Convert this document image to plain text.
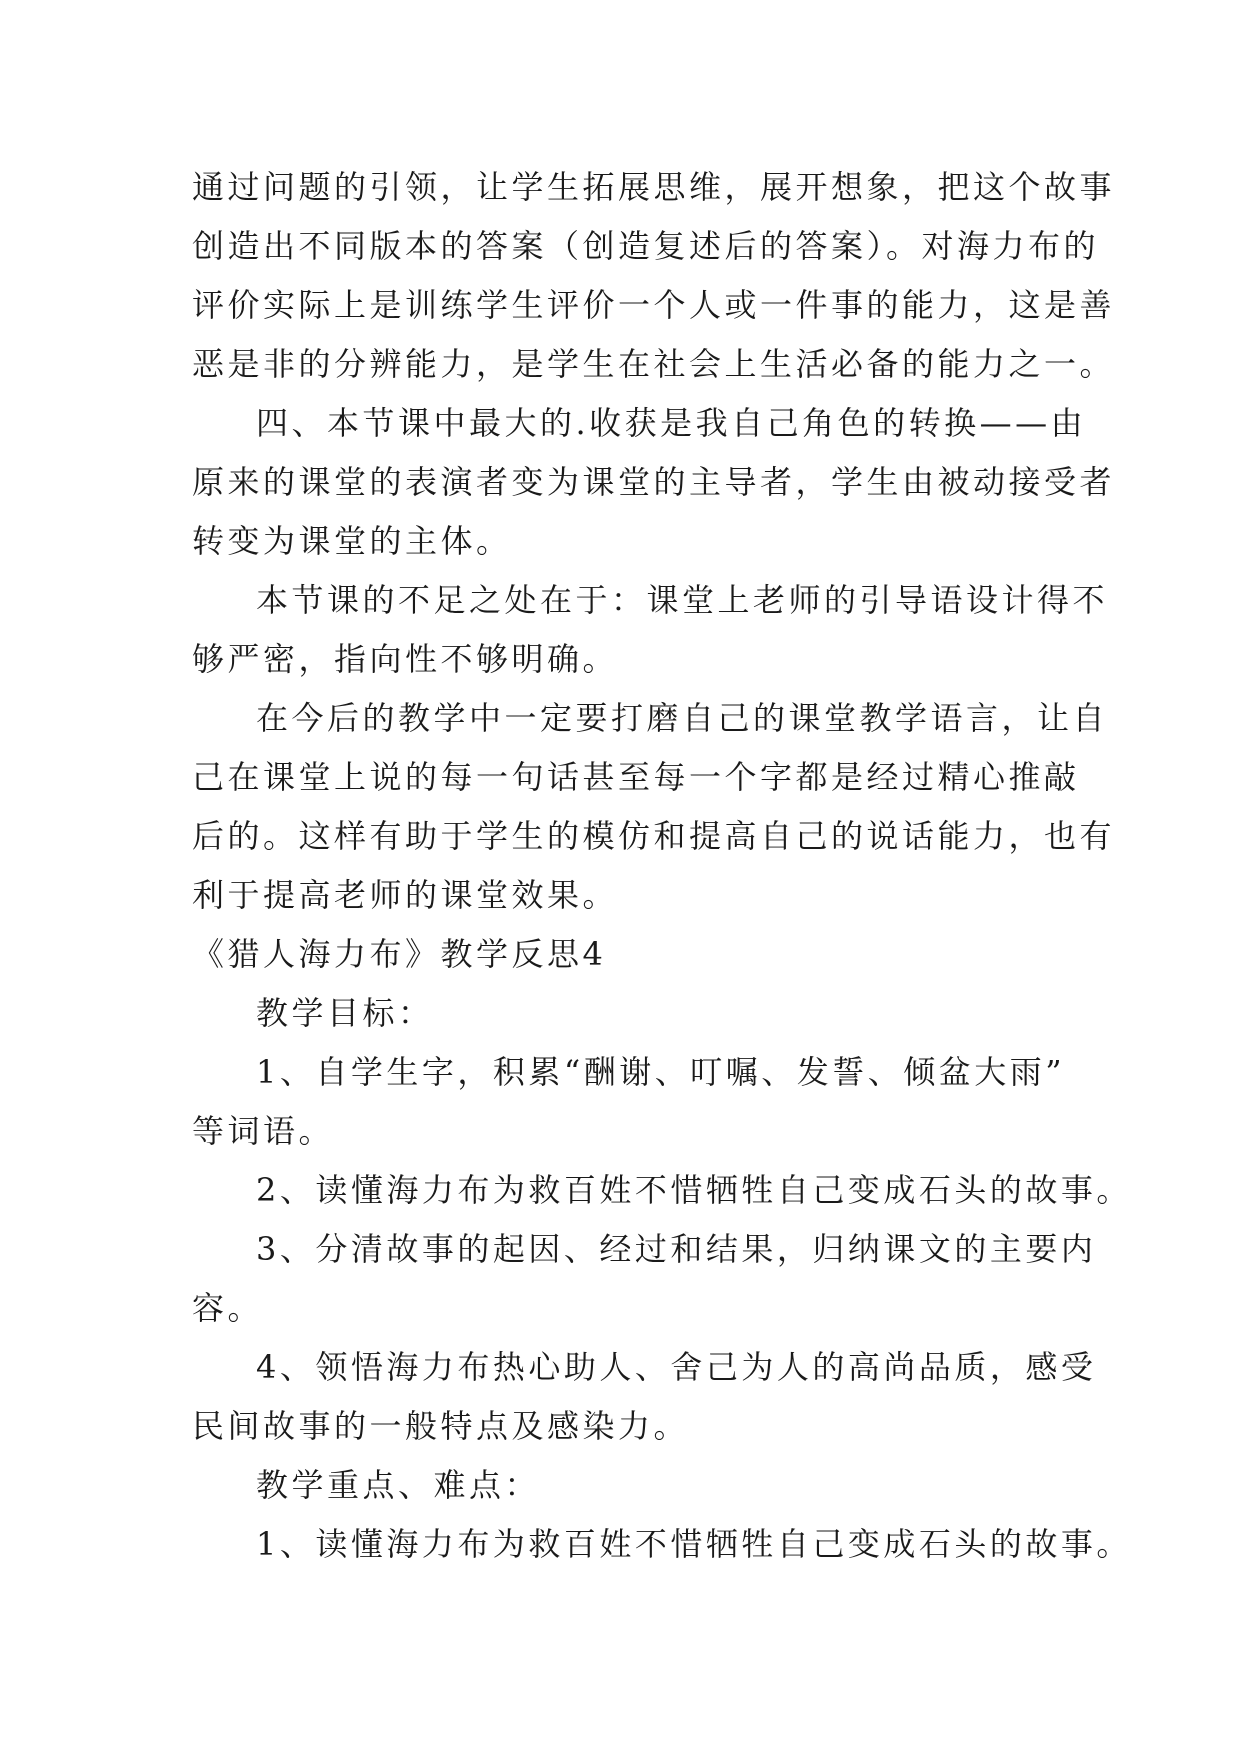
通过问题的引领，让学生拓展思维，展开想象，把这个故事
创造出不同版本的答案（创造复述后的答案）。对海力布的
评价实际上是训练学生评价一个人或一件事的能力，这是善
恶是非的分辨能力，是学生在社会上生活必备的能力之一。
四、本节课中最大的.收获是我自己角色的转换——由
原来的课堂的表演者变为课堂的主导者，学生由被动接受者
转变为课堂的主体。
本节课的不足之处在于：课堂上老师的引导语设计得不
够严密，指向性不够明确。
在今后的教学中一定要打磨自己的课堂教学语言，让自
己在课堂上说的每一句话甚至每一个字都是经过精心推敲
后的。这样有助于学生的模仿和提高自己的说话能力，也有
利于提高老师的课堂效果。
《猎人海力布》教学反思4
教学目标：
1、自学生字，积累“酬谢、叮嘱、发誓、倾盆大雨”
等词语。
2、读懂海力布为救百姓不惜牺牲自己变成石头的故事。
3、分清故事的起因、经过和结果，归纳课文的主要内
容。
4、领悟海力布热心助人、舍己为人的高尚品质，感受
民间故事的一般特点及感染力。
教学重点、难点：
1、读懂海力布为救百姓不惜牺牲自己变成石头的故事。
